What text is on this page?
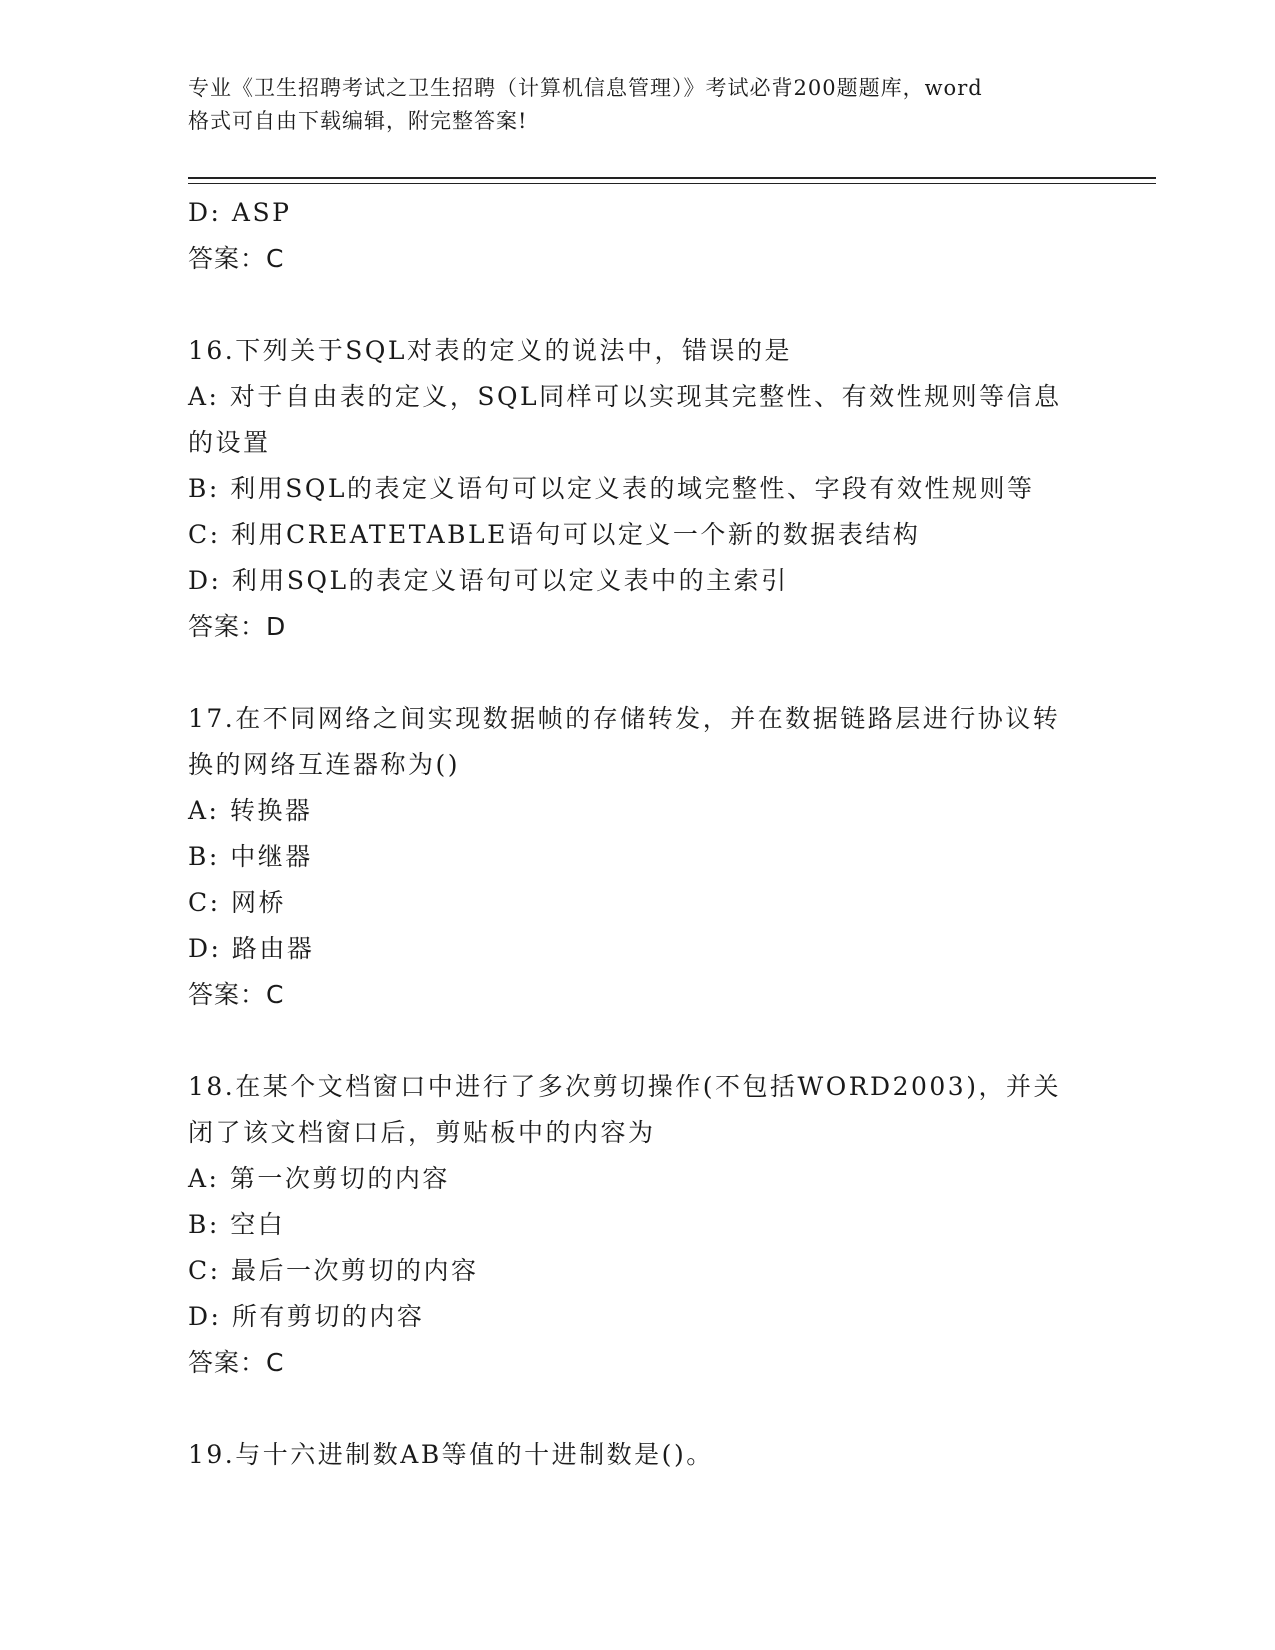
专业《卫生招聘考试之卫生招聘（计算机信息管理）》考试必背200题题库，word
格式可自由下载编辑，附完整答案!
D: ASP
答案：C
16.下列关于SQL对表的定义的说法中，错误的是
A: 对于自由表的定义，SQL同样可以实现其完整性、有效性规则等信息的设置
B: 利用SQL的表定义语句可以定义表的域完整性、字段有效性规则等
C: 利用CREATETABLE语句可以定义一个新的数据表结构
D: 利用SQL的表定义语句可以定义表中的主索引
答案：D
17.在不同网络之间实现数据帧的存储转发，并在数据链路层进行协议转换的网络互连器称为()
A: 转换器
B: 中继器
C: 网桥
D: 路由器
答案：C
18.在某个文档窗口中进行了多次剪切操作(不包括WORD2003)，并关闭了该文档窗口后，剪贴板中的内容为
A: 第一次剪切的内容
B: 空白
C: 最后一次剪切的内容
D: 所有剪切的内容
答案：C
19.与十六进制数AB等值的十进制数是()。
